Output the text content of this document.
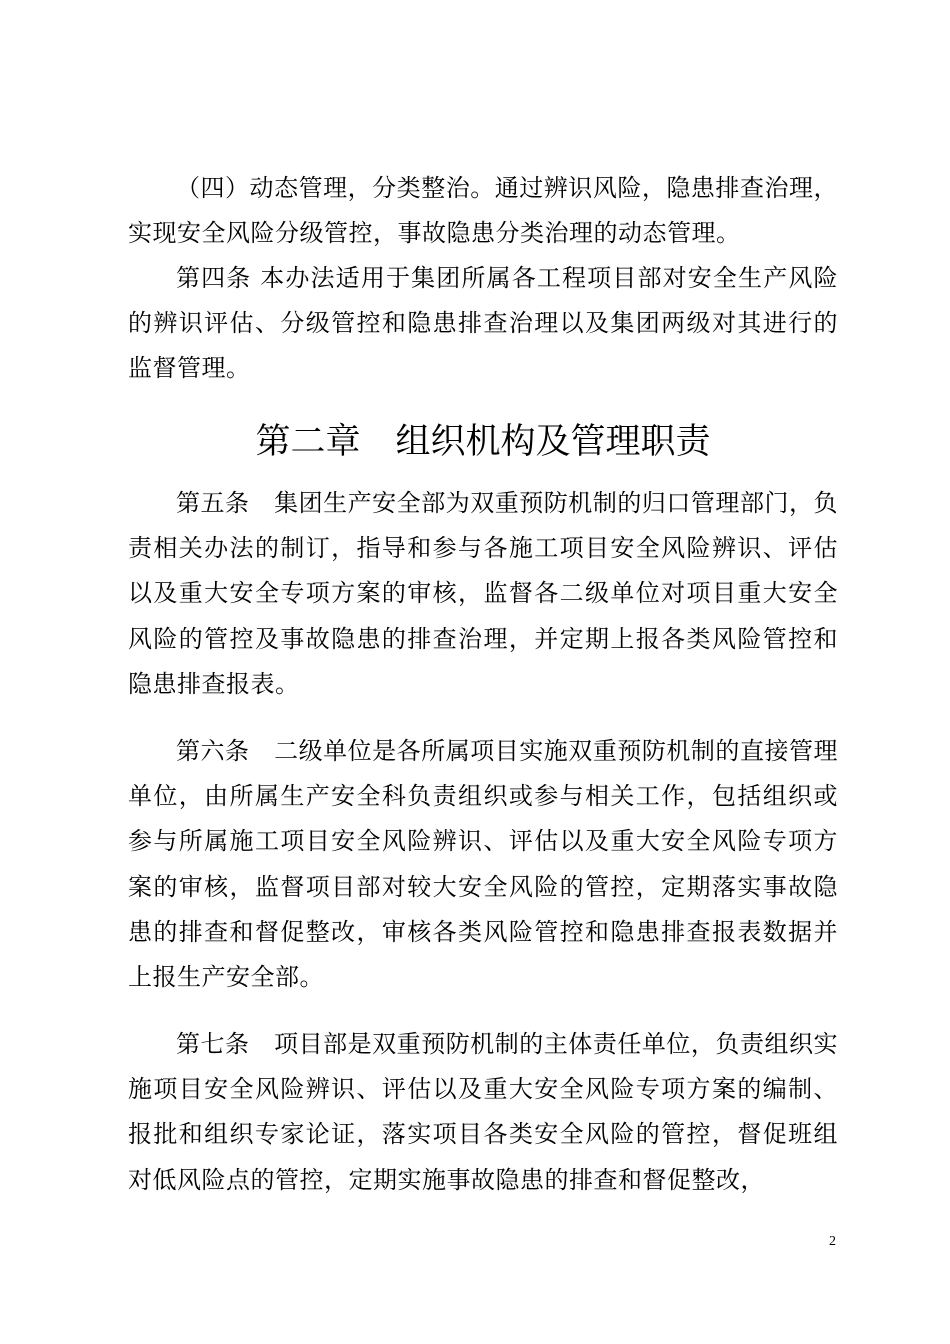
（四）动态管理，分类整治。通过辨识风险，隐患排查治理，实现安全风险分级管控，事故隐患分类治理的动态管理。

第四条 本办法适用于集团所属各工程项目部对安全生产风险的辨识评估、分级管控和隐患排查治理以及集团两级对其进行的监督管理。

第二章　组织机构及管理职责

第五条　集团生产安全部为双重预防机制的归口管理部门，负责相关办法的制订，指导和参与各施工项目安全风险辨识、评估以及重大安全专项方案的审核，监督各二级单位对项目重大安全风险的管控及事故隐患的排查治理，并定期上报各类风险管控和隐患排查报表。

第六条　二级单位是各所属项目实施双重预防机制的直接管理单位，由所属生产安全科负责组织或参与相关工作，包括组织或参与所属施工项目安全风险辨识、评估以及重大安全风险专项方案的审核，监督项目部对较大安全风险的管控，定期落实事故隐患的排查和督促整改，审核各类风险管控和隐患排查报表数据并上报生产安全部。

第七条　项目部是双重预防机制的主体责任单位，负责组织实施项目安全风险辨识、评估以及重大安全风险专项方案的编制、报批和组织专家论证，落实项目各类安全风险的管控，督促班组对低风险点的管控，定期实施事故隐患的排查和督促整改，

2
